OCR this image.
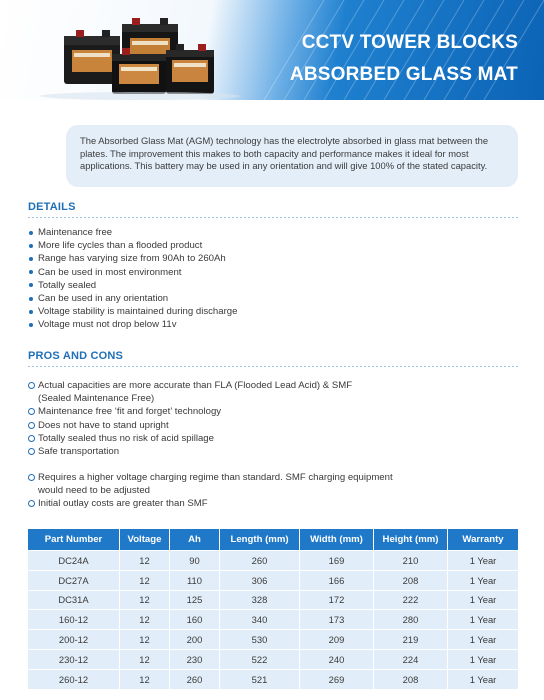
CCTV TOWER BLOCKS
ABSORBED GLASS MAT
The Absorbed Glass Mat (AGM) technology has the electrolyte absorbed in glass mat between the plates. The improvement this makes to both capacity and performance makes it ideal for most applications. This battery may be used in any orientation and will give 100% of the stated capacity.
DETAILS
Maintenance free
More life cycles than a flooded product
Range has varying size from 90Ah to 260Ah
Can be used in most environment
Totally sealed
Can be used in any orientation
Voltage stability is maintained during discharge
Voltage must not drop below 11v
PROS AND CONS
Actual capacities are more accurate than FLA (Flooded Lead Acid) & SMF
(Sealed Maintenance Free)
Maintenance free ‘fit and forget’ technology
Does not have to stand upright
Totally sealed thus no risk of acid spillage
Safe transportation
Requires a higher voltage charging regime than standard. SMF charging equipment
would need to be adjusted
Initial outlay costs are greater than SMF
Part Number	Voltage	Ah	Length (mm)	Width (mm)	Height (mm)	Warranty
DC24A	12	90	260	169	210	1 Year
DC27A	12	110	306	166	208	1 Year
DC31A	12	125	328	172	222	1 Year
160-12	12	160	340	173	280	1 Year
200-12	12	200	530	209	219	1 Year
230-12	12	230	522	240	224	1 Year
260-12	12	260	521	269	208	1 Year
